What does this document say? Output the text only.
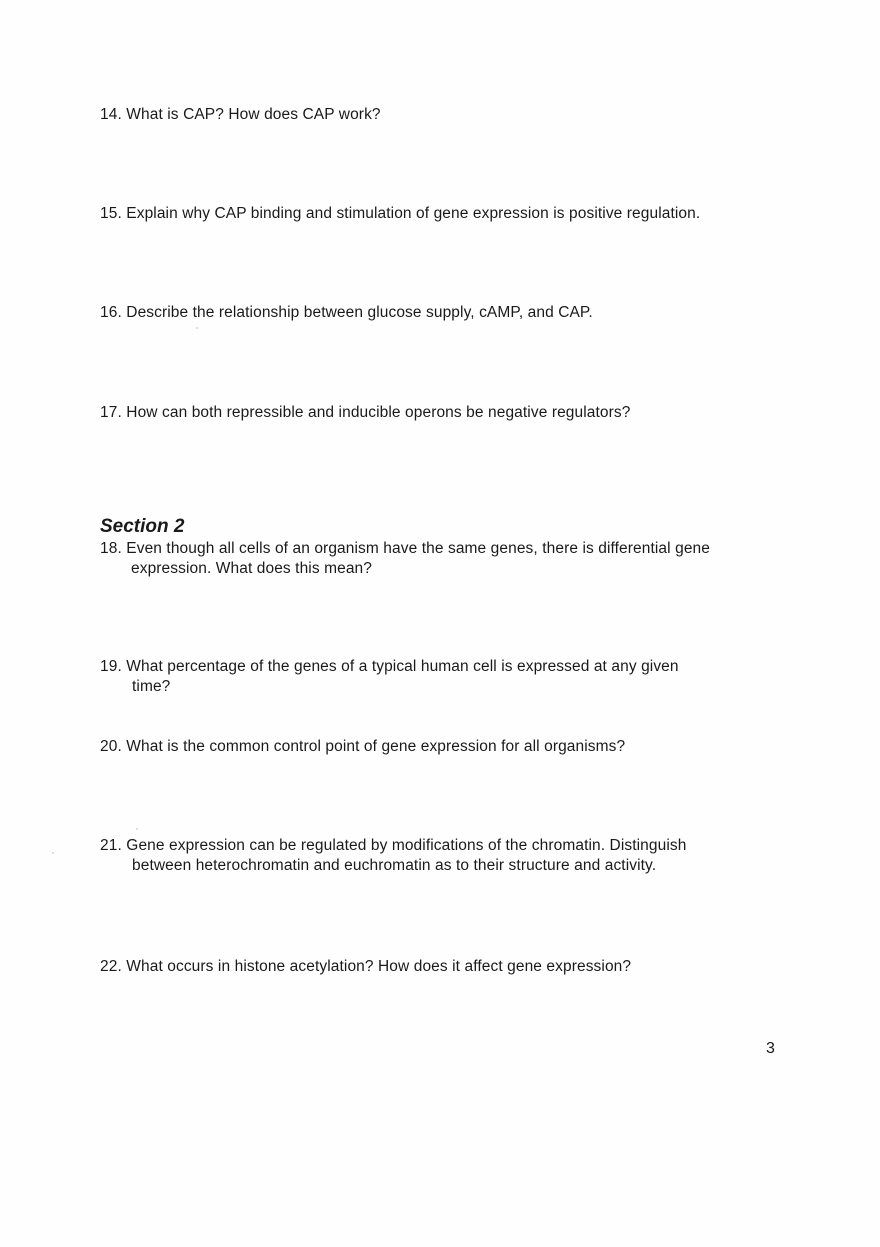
14. What is CAP? How does CAP work?
15. Explain why CAP binding and stimulation of gene expression is positive regulation.
16. Describe the relationship between glucose supply, cAMP, and CAP.
17. How can both repressible and inducible operons be negative regulators?
Section 2
18. Even though all cells of an organism have the same genes, there is differential gene
expression. What does this mean?
19. What percentage of the genes of a typical human cell is expressed at any given
time?
20. What is the common control point of gene expression for all organisms?
21. Gene expression can be regulated by modifications of the chromatin. Distinguish
between heterochromatin and euchromatin as to their structure and activity.
22. What occurs in histone acetylation? How does it affect gene expression?
3
